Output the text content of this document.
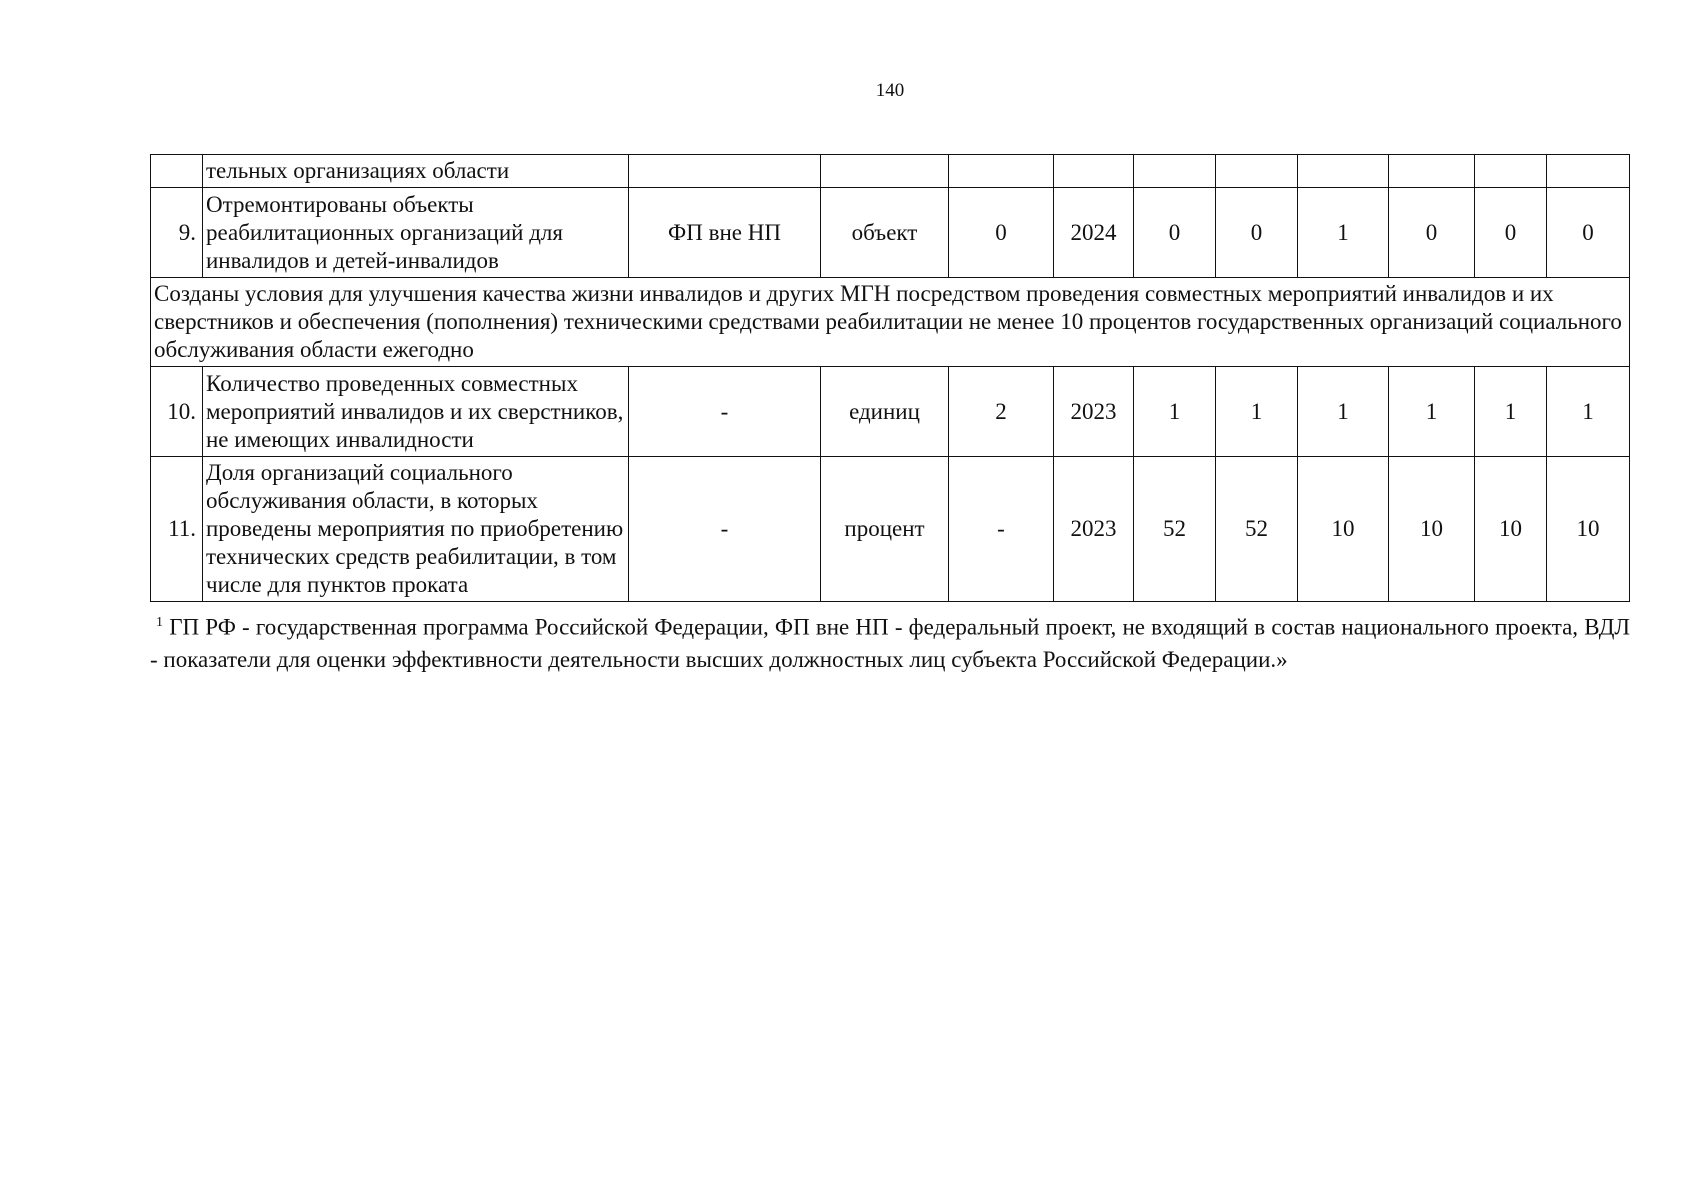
140
	тельных организациях области										
9.	Отремонтированы объекты реабилитационных организаций для инвалидов и детей-инвалидов	ФП вне НП	объект	0	2024	0	0	1	0	0	0
Созданы условия для улучшения качества жизни инвалидов и других МГН посредством проведения совместных мероприятий инвалидов и их сверстников и обеспечения (пополнения) техническими средствами реабилитации не менее 10 процентов государственных организаций социального обслуживания области ежегодно											
10.	Количество проведенных совместных мероприятий инвалидов и их сверстников, не имеющих инвалидности	-	единиц	2	2023	1	1	1	1	1	1
11.	Доля организаций социального обслуживания области, в которых проведены мероприятия по приобретению технических средств реабилитации, в том числе для пунктов проката	-	процент	-	2023	52	52	10	10	10	10
$^1$ ГП РФ - государственная программа Российской Федерации, ФП вне НП - федеральный проект, не входящий в состав национального проекта, ВДЛ - показатели для оценки эффективности деятельности высших должностных лиц субъекта Российской Федерации.»
